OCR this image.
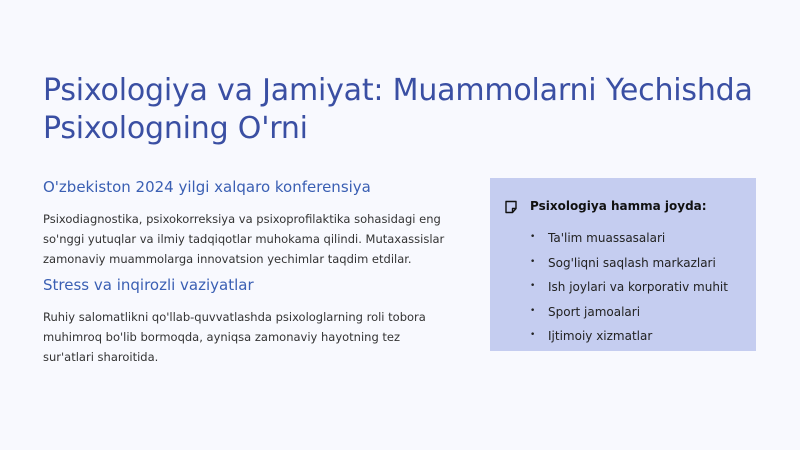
Psixologiya va Jamiyat: Muammolarni Yechishda Psixologning O'rni
O'zbekiston 2024 yilgi xalqaro konferensiya

Psixodiagnostika, psixokorreksiya va psixoprofilaktika sohasidagi eng so'nggi yutuqlar va ilmiy tadqiqotlar muhokama qilindi. Mutaxassislar zamonaviy muammolarga innovatsion yechimlar taqdim etdilar.

Stress va inqirozli vaziyatlar

Ruhiy salomatlikni qo'llab-quvvatlashda psixologlarning roli tobora muhimroq bo'lib bormoqda, ayniqsa zamonaviy hayotning tez sur'atlari sharoitida.

Psixologiya hamma joyda:
•	Ta'lim muassasalari
•	Sog'liqni saqlash markazlari
•	Ish joylari va korporativ muhit
•	Sport jamoalari
•	Ijtimoiy xizmatlar
